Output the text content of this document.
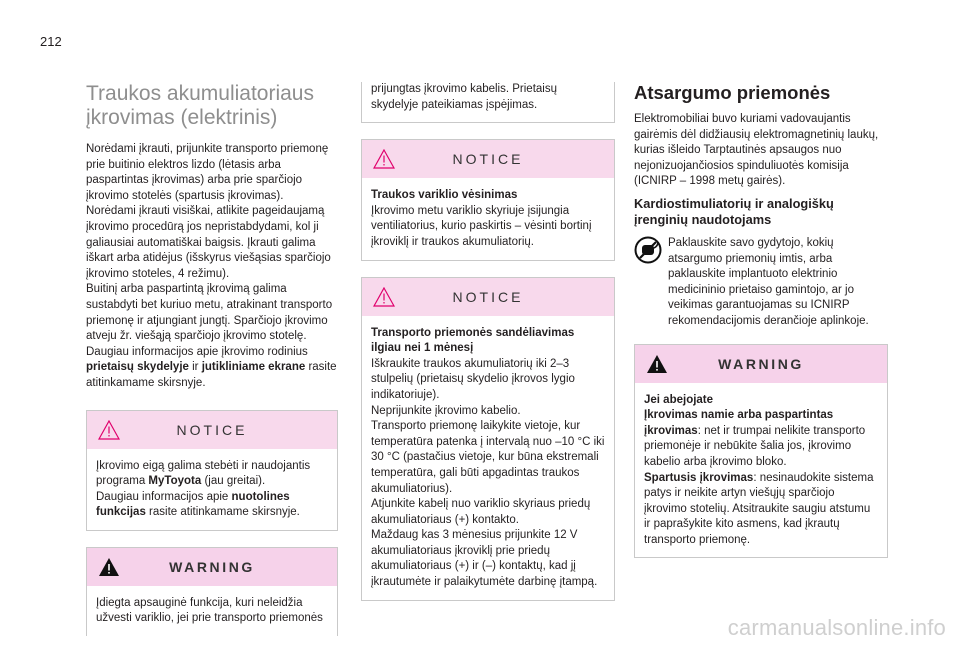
212
Traukos akumuliatoriaus
įkrovimas (elektrinis)

Norėdami įkrauti, prijunkite transporto priemonę prie buitinio elektros lizdo (lėtasis arba paspartintas įkrovimas) arba prie sparčiojo įkrovimo stotelės (spartusis įkrovimas).

Norėdami įkrauti visiškai, atlikite pageidaujamą įkrovimo procedūrą jos nepristabdydami, kol ji galiausiai automatiškai baigsis. Įkrauti galima iškart arba atidėjus (išskyrus viešąsias sparčiojo įkrovimo stoteles, 4 režimu).

Buitinį arba paspartintą įkrovimą galima sustabdyti bet kuriuo metu, atrakinant transporto priemonę ir atjungiant jungtį. Sparčiojo įkrovimo atveju žr. viešąją sparčiojo įkrovimo stotelę.

Daugiau informacijos apie įkrovimo rodinius prietaisų skydelyje ir jutikliniame ekrane rasite atitinkamame skirsnyje.

NOTICE

Įkrovimo eigą galima stebėti ir naudojantis programa MyToyota (jau greitai).

Daugiau informacijos apie nuotolines funkcijas rasite atitinkamame skirsnyje.

WARNING

Įdiegta apsauginė funkcija, kuri neleidžia užvesti variklio, jei prie transporto priemonės

prijungtas įkrovimo kabelis. Prietaisų skydelyje pateikiamas įspėjimas.

NOTICE

Traukos variklio vėsinimas

Įkrovimo metu variklio skyriuje įsijungia ventiliatorius, kurio paskirtis – vėsinti bortinį įkroviklį ir traukos akumuliatorių.

NOTICE

Transporto priemonės sandėliavimas ilgiau nei 1 mėnesį

Iškraukite traukos akumuliatorių iki 2–3 stulpelių (prietaisų skydelio įkrovos lygio indikatoriuje).

Neprijunkite įkrovimo kabelio.

Transporto priemonę laikykite vietoje, kur temperatūra patenka į intervalą nuo –10 °C iki 30 °C (pastačius vietoje, kur būna ekstremali temperatūra, gali būti apgadintas traukos akumuliatorius).

Atjunkite kabelį nuo variklio skyriaus priedų akumuliatoriaus (+) kontakto.

Maždaug kas 3 mėnesius prijunkite 12 V akumuliatoriaus įkroviklį prie priedų akumuliatoriaus (+) ir (–) kontaktų, kad jį įkrautumėte ir palaikytumėte darbinę įtampą.

Atsargumo priemonės

Elektromobiliai buvo kuriami vadovaujantis gairėmis dėl didžiausių elektromagnetinių laukų, kurias išleido Tarptautinės apsaugos nuo nejonizuojančiosios spinduliuotės komisija (ICNIRP – 1998 metų gairės).

Kardiostimuliatorių ir analogiškų įrenginių naudotojams

Paklauskite savo gydytojo, kokių atsargumo priemonių imtis, arba paklauskite implantuoto elektrinio medicininio prietaiso gamintojo, ar jo veikimas garantuojamas su ICNIRP rekomendacijomis derančioje aplinkoje.

WARNING

Jei abejojate

Įkrovimas namie arba paspartintas įkrovimas: net ir trumpai nelikite transporto priemonėje ir nebūkite šalia jos, įkrovimo kabelio arba įkrovimo bloko.

Spartusis įkrovimas: nesinaudokite sistema patys ir neikite artyn viešųjų sparčiojo įkrovimo stotelių. Atsitraukite saugiu atstumu ir paprašykite kito asmens, kad įkrautų transporto priemonę.

carmanualsonline.info
